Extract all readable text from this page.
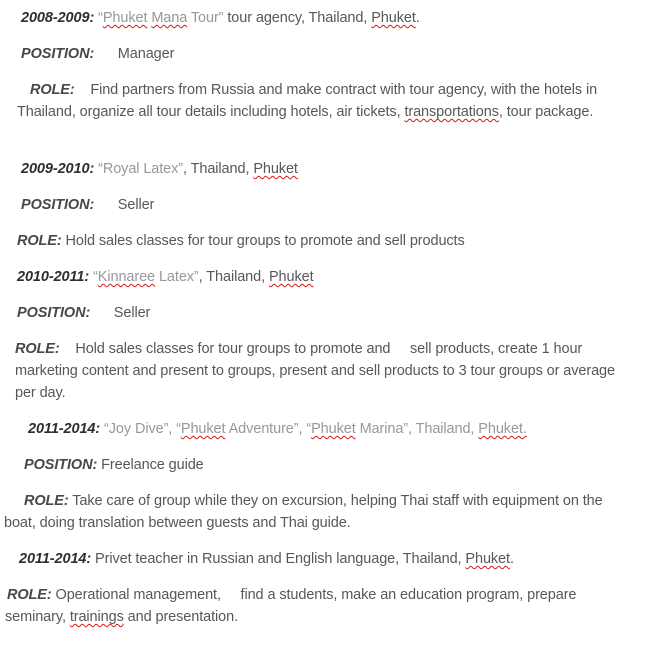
2008-2009: “Phuket Mana Tour” tour agency, Thailand, Phuket.

POSITION:      Manager

ROLE:    Find partners from Russia and make contract with tour agency, with the hotels in
Thailand, organize all tour details including hotels, air tickets, transportations, tour package.

2009-2010: “Royal Latex”, Thailand, Phuket

POSITION:      Seller

ROLE: Hold sales classes for tour groups to promote and sell products

2010-2011: “Kinnaree Latex”, Thailand, Phuket

POSITION:      Seller

ROLE:    Hold sales classes for tour groups to promote and     sell products, create 1 hour
marketing content and present to groups, present and sell products to 3 tour groups or average
per day.

2011-2014: “Joy Dive”, “Phuket Adventure”, “Phuket Marina”, Thailand, Phuket.

POSITION: Freelance guide

ROLE: Take care of group while they on excursion, helping Thai staff with equipment on the
boat, doing translation between guests and Thai guide.

2011-2014: Privet teacher in Russian and English language, Thailand, Phuket.

ROLE: Operational management,     find a students, make an education program, prepare
seminary, trainings and presentation.
